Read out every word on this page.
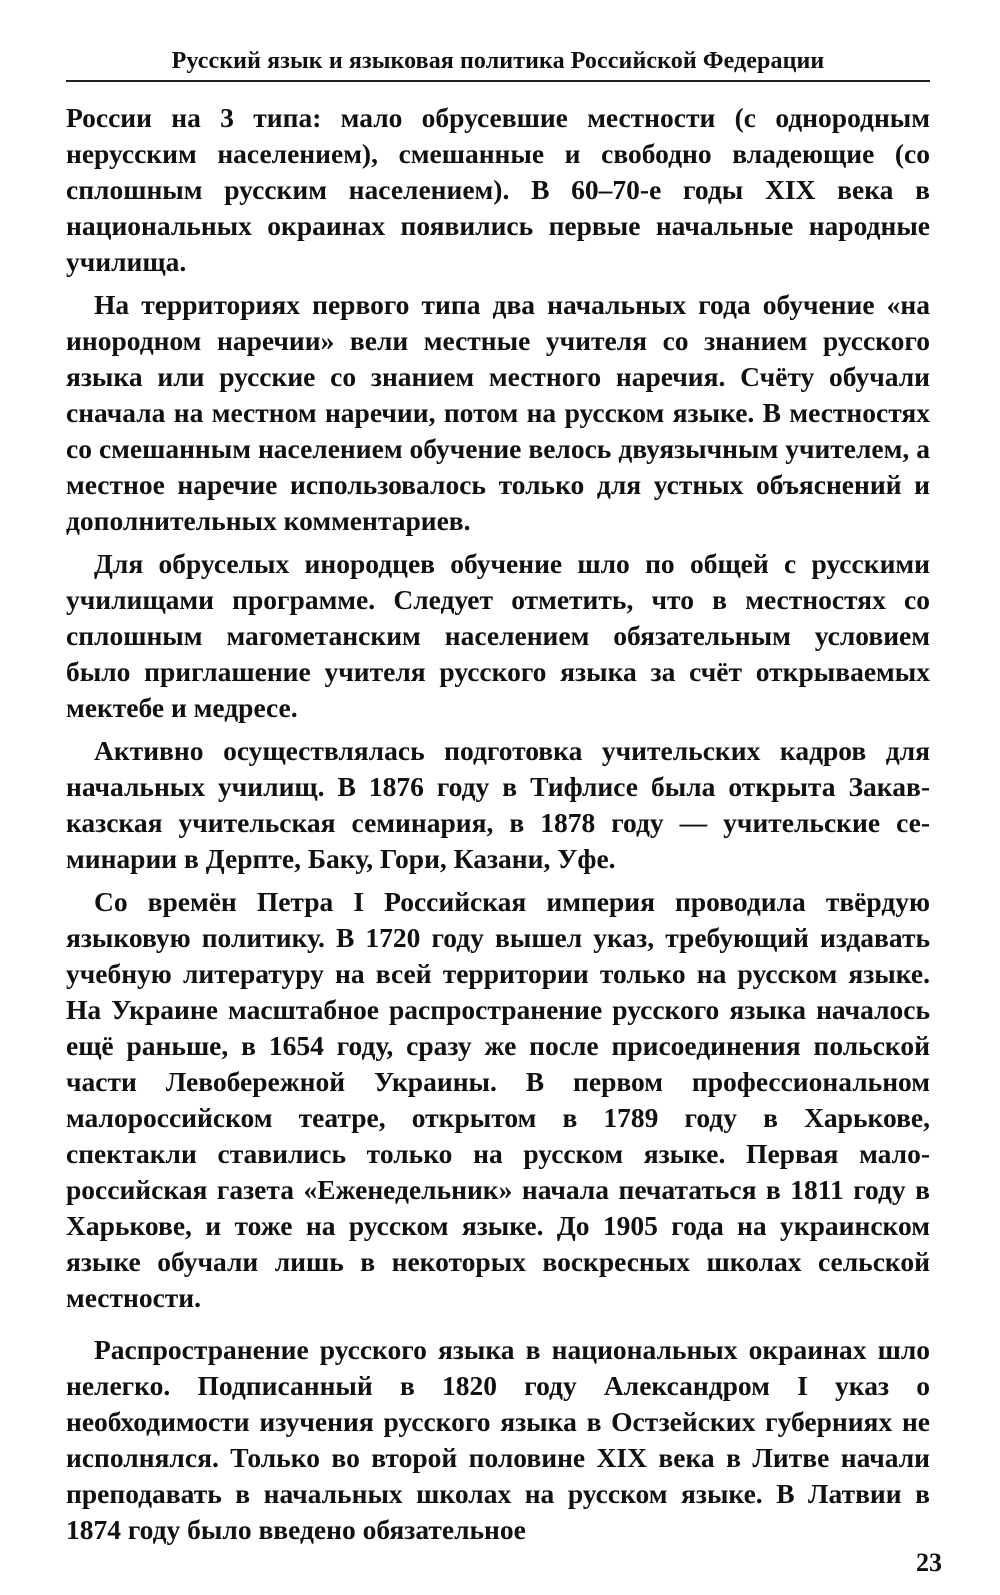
Русский язык и языковая политика Российской Федерации

России на 3 типа: мало обрусевшие местности (с однородным нерусским населением), смешанные и свободно владеющие (со сплошным русским населением). В 60–70-е годы XIX века в национальных окраинах появились первые начальные народные училища.

На территориях первого типа два начальных года обучение «на инородном наречии» вели местные учителя со знанием русского языка или русские со знанием местного наречия. Счёту обучали сначала на местном наречии, потом на русском языке. В местностях со смешанным населением обучение велось двуязычным учителем, а местное наречие использовалось только для устных объяснений и дополнительных комментариев.

Для обруселых инородцев обучение шло по общей с русскими училищами программе. Следует отметить, что в местностях со сплошным магометанским населением обязательным условием было приглашение учителя русского языка за счёт открываемых мектебе и медресе.

Активно осуществлялась подготовка учительских кадров для начальных училищ. В 1876 году в Тифлисе была открыта Закавказская учительская семинария, в 1878 году — учительские семинарии в Дерпте, Баку, Гори, Казани, Уфе.

Со времён Петра I Российская империя проводила твёрдую языковую политику. В 1720 году вышел указ, требующий издавать учебную литературу на всей территории только на русском языке. На Украине масштабное распространение русского языка началось ещё раньше, в 1654 году, сразу же после присоединения польской части Левобережной Украины. В первом профессиональном малороссийском театре, открытом в 1789 году в Харькове, спектакли ставились только на русском языке. Первая малороссийская газета «Еженедельник» начала печататься в 1811 году в Харькове, и тоже на русском языке. До 1905 года на украинском языке обучали лишь в некоторых воскресных школах сельской местности.

Распространение русского языка в национальных окраинах шло нелегко. Подписанный в 1820 году Александром I указ о необходимости изучения русского языка в Остзейских губерниях не исполнялся. Только во второй половине XIX века в Литве начали преподавать в начальных школах на русском языке. В Латвии в 1874 году было введено обязательное

23
